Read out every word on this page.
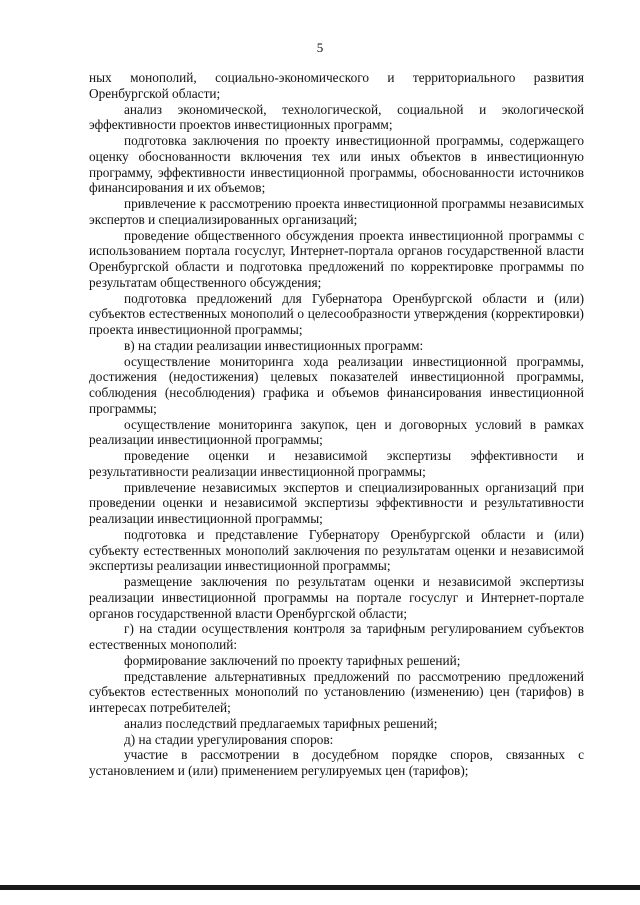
5

ных монополий, социально-экономического и территориального развития Оренбургской области;

анализ экономической, технологической, социальной и экологической эффективности проектов инвестиционных программ;

подготовка заключения по проекту инвестиционной программы, содержащего оценку обоснованности включения тех или иных объектов в инвестиционную программу, эффективности инвестиционной программы, обоснованности источников финансирования и их объемов;

привлечение к рассмотрению проекта инвестиционной программы независимых экспертов и специализированных организаций;

проведение общественного обсуждения проекта инвестиционной программы с использованием портала госуслуг, Интернет-портала органов государственной власти Оренбургской области и подготовка предложений по корректировке программы по результатам общественного обсуждения;

подготовка предложений для Губернатора Оренбургской области и (или) субъектов естественных монополий о целесообразности утверждения (корректировки) проекта инвестиционной программы;

в) на стадии реализации инвестиционных программ:

осуществление мониторинга хода реализации инвестиционной программы, достижения (недостижения) целевых показателей инвестиционной программы, соблюдения (несоблюдения) графика и объемов финансирования инвестиционной программы;

осуществление мониторинга закупок, цен и договорных условий в рамках реализации инвестиционной программы;

проведение оценки и независимой экспертизы эффективности и результативности реализации инвестиционной программы;

привлечение независимых экспертов и специализированных организаций при проведении оценки и независимой экспертизы эффективности и результативности реализации инвестиционной программы;

подготовка и представление Губернатору Оренбургской области и (или) субъекту естественных монополий заключения по результатам оценки и независимой экспертизы реализации инвестиционной программы;

размещение заключения по результатам оценки и независимой экспертизы реализации инвестиционной программы на портале госуслуг и Интернет-портале органов государственной власти Оренбургской области;

г) на стадии осуществления контроля за тарифным регулированием субъектов естественных монополий:

формирование заключений по проекту тарифных решений;

представление альтернативных предложений по рассмотрению предложений субъектов естественных монополий по установлению (изменению) цен (тарифов) в интересах потребителей;

анализ последствий предлагаемых тарифных решений;

д) на стадии урегулирования споров:

участие в рассмотрении в досудебном порядке споров, связанных с установлением и (или) применением регулируемых цен (тарифов);
